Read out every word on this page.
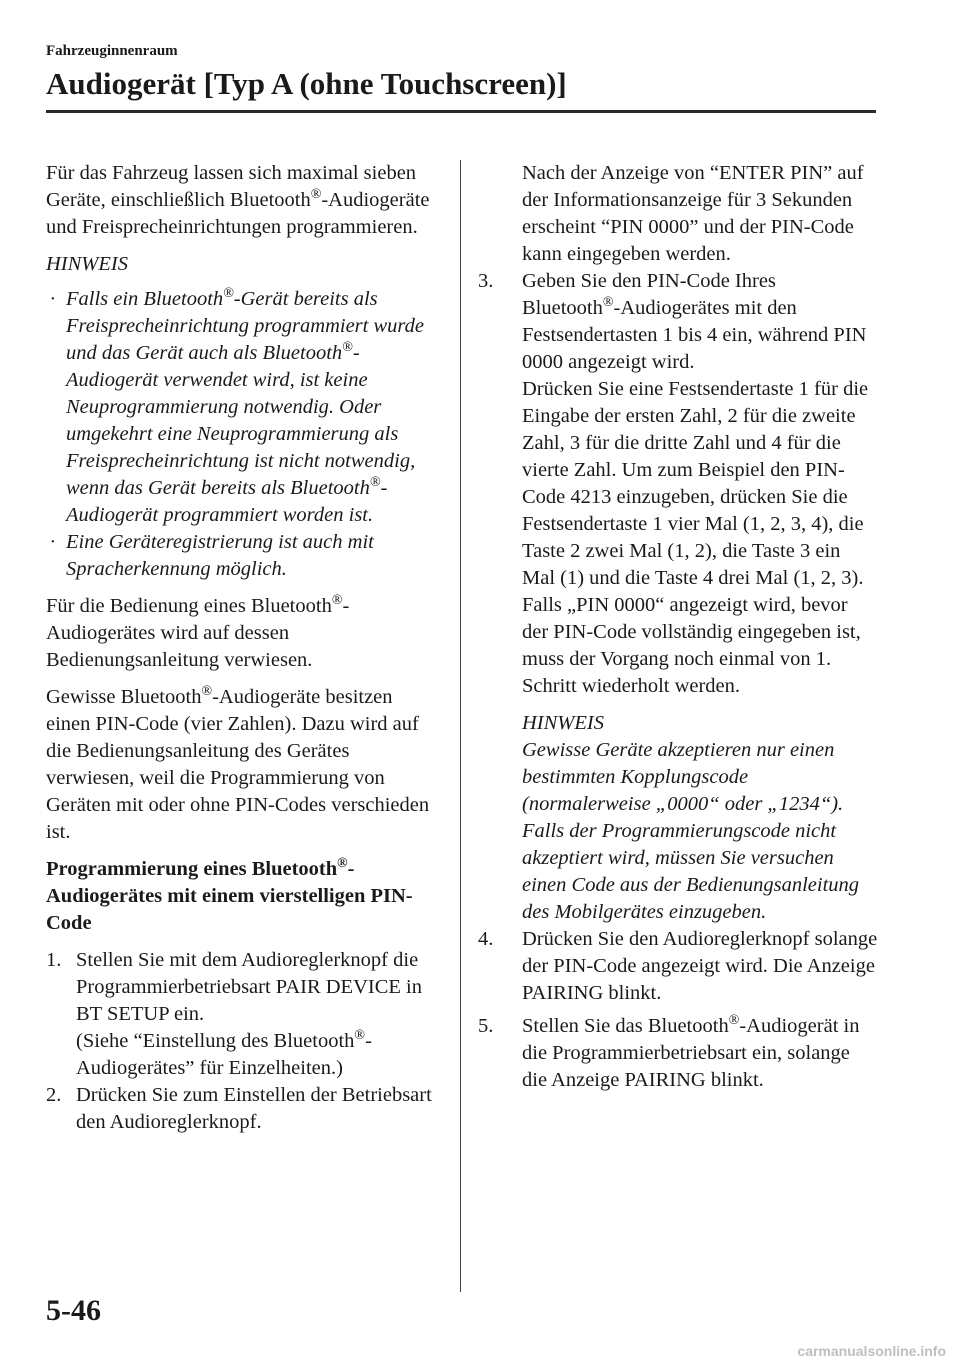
Fahrzeuginnenraum
Audiogerät [Typ A (ohne Touchscreen)]

Für das Fahrzeug lassen sich maximal sieben Geräte, einschließlich Bluetooth®-Audiogeräte und Freisprecheinrichtungen programmieren.

HINWEIS

· Falls ein Bluetooth®-Gerät bereits als Freisprecheinrichtung programmiert wurde und das Gerät auch als Bluetooth®-Audiogerät verwendet wird, ist keine Neuprogrammierung notwendig. Oder umgekehrt eine Neuprogrammierung als Freisprecheinrichtung ist nicht notwendig, wenn das Gerät bereits als Bluetooth®-Audiogerät programmiert worden ist.
· Eine Geräteregistrierung ist auch mit Spracherkennung möglich.

Für die Bedienung eines Bluetooth®-Audiogerätes wird auf dessen Bedienungsanleitung verwiesen.

Gewisse Bluetooth®-Audiogeräte besitzen einen PIN-Code (vier Zahlen). Dazu wird auf die Bedienungsanleitung des Gerätes verwiesen, weil die Programmierung von Geräten mit oder ohne PIN-Codes verschieden ist.

Programmierung eines Bluetooth®-Audiogerätes mit einem vierstelligen PIN-Code

1. Stellen Sie mit dem Audioreglerknopf die Programmierbetriebsart PAIR DEVICE in BT SETUP ein.

(Siehe “Einstellung des Bluetooth®-Audiogerätes” für Einzelheiten.)

2. Drücken Sie zum Einstellen der Betriebsart den Audioreglerknopf.

Nach der Anzeige von “ENTER PIN” auf der Informationsanzeige für 3 Sekunden erscheint “PIN 0000” und der PIN-Code kann eingegeben werden.

3.	Geben Sie den PIN-Code Ihres Bluetooth®-Audiogerätes mit den Festsendertasten 1 bis 4 ein, während PIN 0000 angezeigt wird.

Drücken Sie eine Festsendertaste 1 für die Eingabe der ersten Zahl, 2 für die zweite Zahl, 3 für die dritte Zahl und 4 für die vierte Zahl. Um zum Beispiel den PIN-Code 4213 einzugeben, drücken Sie die Festsendertaste 1 vier Mal (1, 2, 3, 4), die Taste 2 zwei Mal (1, 2), die Taste 3 ein Mal (1) und die Taste 4 drei Mal (1, 2, 3). Falls „PIN 0000“ angezeigt wird, bevor der PIN-Code vollständig eingegeben ist, muss der Vorgang noch einmal von 1. Schritt wiederholt werden.

HINWEIS

Gewisse Geräte akzeptieren nur einen bestimmten Kopplungscode (normalerweise „0000“ oder „1234“). Falls der Programmierungscode nicht akzeptiert wird, müssen Sie versuchen einen Code aus der Bedienungsanleitung des Mobilgerätes einzugeben.

4.	Drücken Sie den Audioreglerknopf solange der PIN-Code angezeigt wird. Die Anzeige PAIRING blinkt.

5.	Stellen Sie das Bluetooth®-Audiogerät in die Programmierbetriebsart ein, solange die Anzeige PAIRING blinkt.

5-46
carmanualsonline.info
